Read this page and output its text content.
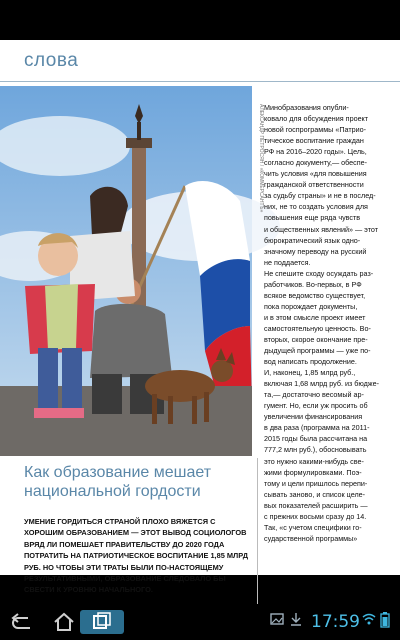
слова
АЛЕКСАНДР ПЕТРОСЯН / «КОММЕРСАНТЪ» Минобразования опубли-
ковало для обсуждения проект
новой госпрограммы «Патрио-
тическое воспитание граждан
РФ на 2016–2020 годы». Цель,
согласно документу,— обеспе-
чить условия «для повышения
гражданской ответственности
за судьбу страны» и не в послед-
них, не то создать условия для
повышения еще ряда чувств
и общественных явлений» — этот
бюрократический язык одно-
значному переводу на русский
не поддается.
Не спешите сходу осуждать раз-
работчиков. Во-первых, в РФ
всякое ведомство существует,
пока порождает документы,
и в этом смысле проект имеет
самостоятельную ценность. Во-
вторых, скорое окончание пре-
дыдущей программы — уже по-
вод написать продолжение.
И, наконец, 1,85 млрд руб.,
включая 1,68 млрд руб. из бюдже-
та,— достаточно весомый ар-
гумент. Но, если уж просить об
увеличении финансирования
в два раза (программа на 2011-
2015 годы была рассчитана на
777,2 млн руб.), обосновывать
это нужно какими-нибудь све-
жими формулировками. Поэ-
тому и цели пришлось перепи-
сывать заново, и список целе-
вых показателей расширить —
с прежних восьми сразу до 14.
Так, «с учетом специфики го-
сударственной программы»

Как образование мешает национальной гордости
УМЕНИЕ ГОРДИТЬСЯ СТРАНОЙ ПЛОХО ВЯЖЕТСЯ С ХОРОШИМ ОБРАЗОВАНИЕМ — ЭТОТ ВЫВОД СОЦИОЛОГОВ ВРЯД ЛИ ПОМЕШАЕТ ПРАВИТЕЛЬСТВУ ДО 2020 ГОДА ПОТРАТИТЬ НА ПАТРИОТИЧЕСКОЕ ВОСПИТАНИЕ 1,85 МЛРД РУБ. НО ЧТОБЫ ЭТИ ТРАТЫ БЫЛИ ПО-НАСТОЯЩЕМУ РЕЗУЛЬТАТИВНЫМИ, ОБРАЗОВАНИЕ СЛЕДОВАЛО БЫ СВЕСТИ К УРОВНЮ НАЧАЛЬНОГО.
17:59
